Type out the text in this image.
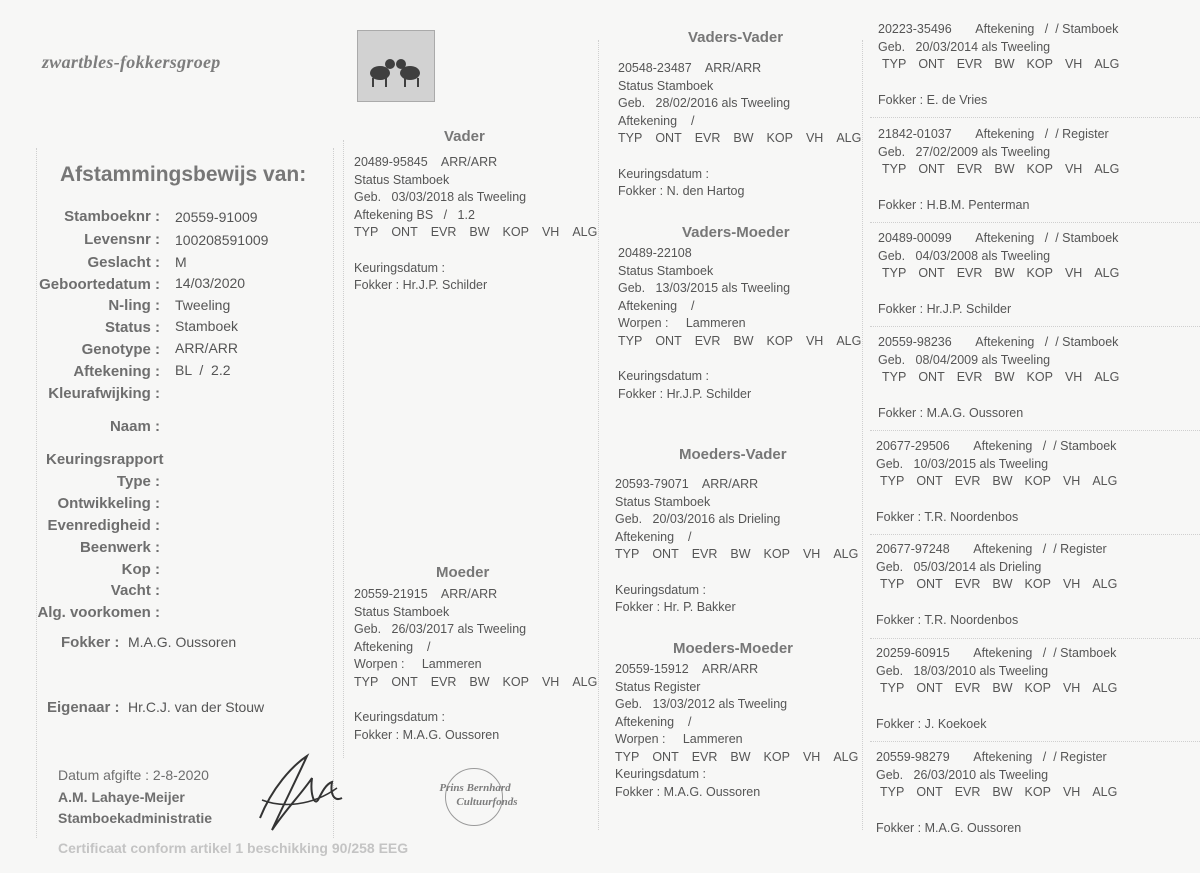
zwartbles-fokkersgroep
Afstammingsbewijs van:
Stamboeknr :	20559-91009
Levensnr :	100208591009
Geslacht :	M
Geboortedatum :	14/03/2020
N-ling :	Tweeling
Status :	Stamboek
Genotype :	ARR/ARR
Aftekening :	BL  /  2.2
Kleurafwijking :
Naam :
Keuringsrapport
Type :
Ontwikkeling :
Evenredigheid :
Beenwerk :
Kop :
Vacht :
Alg. voorkomen :
Fokker : M.A.G. Oussoren
Eigenaar : Hr.C.J. van der Stouw
Datum afgifte : 2-8-2020
A.M. Lahaye-Meijer
Stamboekadministratie
Certificaat conform artikel 1 beschikking 90/258 EEG
Prins Bernhard
Cultuurfonds
Vader
20489-95845    ARR/ARR
Status Stamboek
Geb.   03/03/2018 als Tweeling
Aftekening BS   /   1.2
TYP ONT EVR BW KOP VH ALG
Keuringsdatum :
Fokker : Hr.J.P. Schilder
Moeder
20559-21915    ARR/ARR
Status Stamboek
Geb.   26/03/2017 als Tweeling
Aftekening    /
Worpen :     Lammeren
TYP ONT EVR BW KOP VH ALG
Keuringsdatum :
Fokker : M.A.G. Oussoren
Vaders-Vader
20548-23487    ARR/ARR
Status Stamboek
Geb.   28/02/2016 als Tweeling
Aftekening    /
TYP ONT EVR BW KOP VH ALG
Keuringsdatum :
Fokker : N. den Hartog
Vaders-Moeder
20489-22108
Status Stamboek
Geb.   13/03/2015 als Tweeling
Aftekening    /
Worpen :     Lammeren
TYP ONT EVR BW KOP VH ALG
Keuringsdatum :
Fokker : Hr.J.P. Schilder
Moeders-Vader
20593-79071    ARR/ARR
Status Stamboek
Geb.   20/03/2016 als Drieling
Aftekening    /
TYP ONT EVR BW KOP VH ALG
Keuringsdatum :
Fokker : Hr. P. Bakker
Moeders-Moeder
20559-15912    ARR/ARR
Status Register
Geb.   13/03/2012 als Tweeling
Aftekening    /
Worpen :     Lammeren
TYP ONT EVR BW KOP VH ALG
Keuringsdatum :
Fokker : M.A.G. Oussoren
20223-35496       Aftekening   /  / Stamboek
Geb.   20/03/2014 als Tweeling
TYP ONT EVR BW KOP VH ALG
Fokker : E. de Vries
21842-01037       Aftekening   /  / Register
Geb.   27/02/2009 als Tweeling
TYP ONT EVR BW KOP VH ALG
Fokker : H.B.M. Penterman
20489-00099       Aftekening   /  / Stamboek
Geb.   04/03/2008 als Tweeling
TYP ONT EVR BW KOP VH ALG
Fokker : Hr.J.P. Schilder
20559-98236       Aftekening   /  / Stamboek
Geb.   08/04/2009 als Tweeling
TYP ONT EVR BW KOP VH ALG
Fokker : M.A.G. Oussoren
20677-29506       Aftekening   /  / Stamboek
Geb.   10/03/2015 als Tweeling
TYP ONT EVR BW KOP VH ALG
Fokker : T.R. Noordenbos
20677-97248       Aftekening   /  / Register
Geb.   05/03/2014 als Drieling
TYP ONT EVR BW KOP VH ALG
Fokker : T.R. Noordenbos
20259-60915       Aftekening   /  / Stamboek
Geb.   18/03/2010 als Tweeling
TYP ONT EVR BW KOP VH ALG
Fokker : J. Koekoek
20559-98279       Aftekening   /  / Register
Geb.   26/03/2010 als Tweeling
TYP ONT EVR BW KOP VH ALG
Fokker : M.A.G. Oussoren
